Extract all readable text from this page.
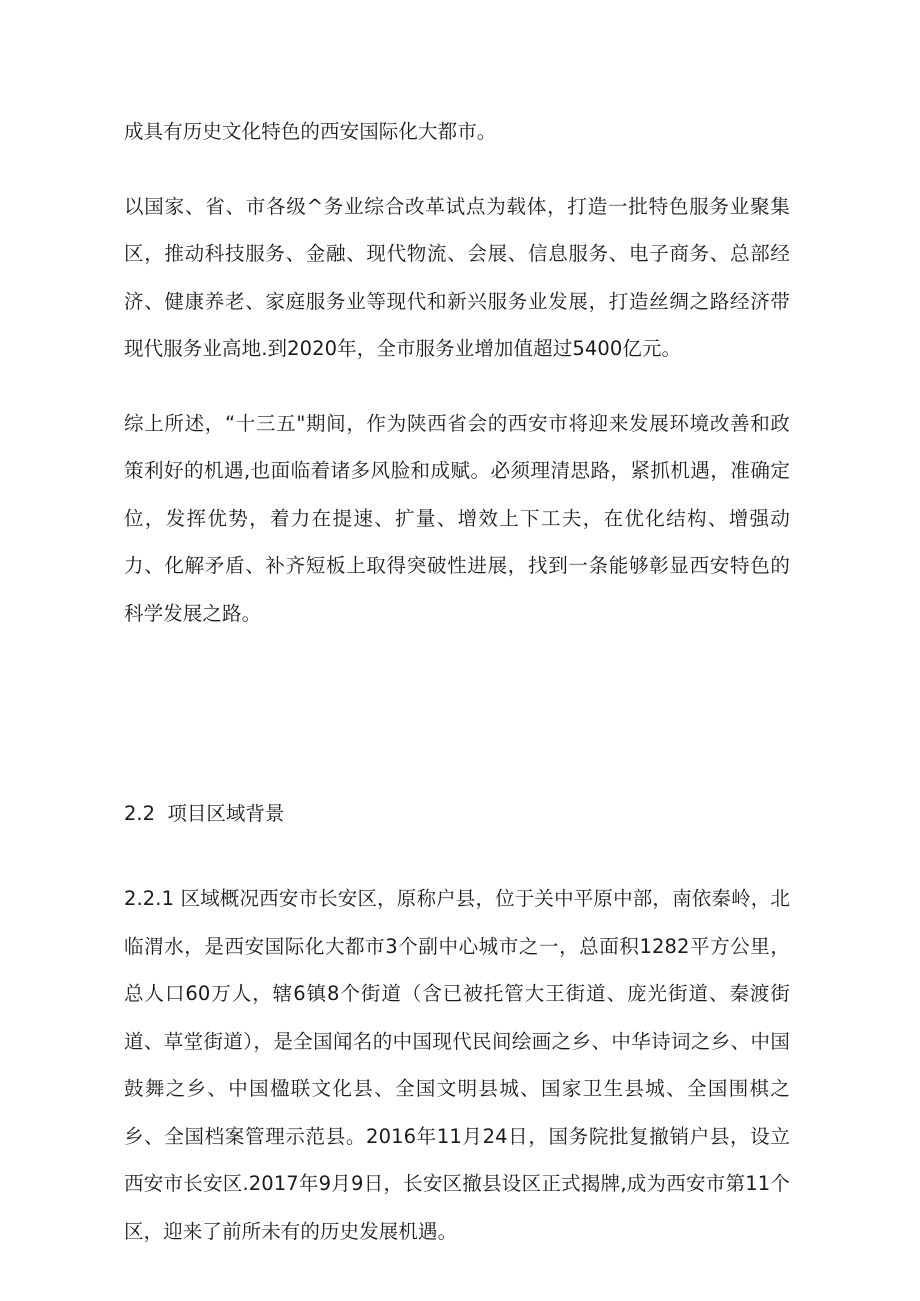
成具有历史文化特色的西安国际化大都市。

以国家、省、市各级^务业综合改革试点为载体，打造一批特色服务业聚集区，推动科技服务、金融、现代物流、会展、信息服务、电子商务、总部经济、健康养老、家庭服务业等现代和新兴服务业发展，打造丝绸之路经济带现代服务业高地.到2020年，全市服务业增加值超过5400亿元。

综上所述，“十三五"期间，作为陕西省会的西安市将迎来发展环境改善和政策利好的机遇,也面临着诸多风脸和成赋。必须理清思路，紧抓机遇，准确定位，发挥优势，着力在提速、扩量、增效上下工夫，在优化结构、增强动力、化解矛盾、补齐短板上取得突破性进展，找到一条能够彰显西安特色的科学发展之路。

2.2  项目区域背景

2.2.1 区域概况西安市长安区，原称户县，位于关中平原中部，南依秦岭，北临渭水，是西安国际化大都市3个副中心城市之一，总面积1282平方公里，总人口60万人，辖6镇8个街道（含已被托管大王街道、庞光街道、秦渡街道、草堂街道），是全国闻名的中国现代民间绘画之乡、中华诗词之乡、中国鼓舞之乡、中国楹联文化县、全国文明县城、国家卫生县城、全国围棋之乡、全国档案管理示范县。2016年11月24日，国务院批复撤销户县，设立西安市长安区.2017年9月9日，长安区撤县设区正式揭牌,成为西安市第11个区，迎来了前所未有的历史发展机遇。
